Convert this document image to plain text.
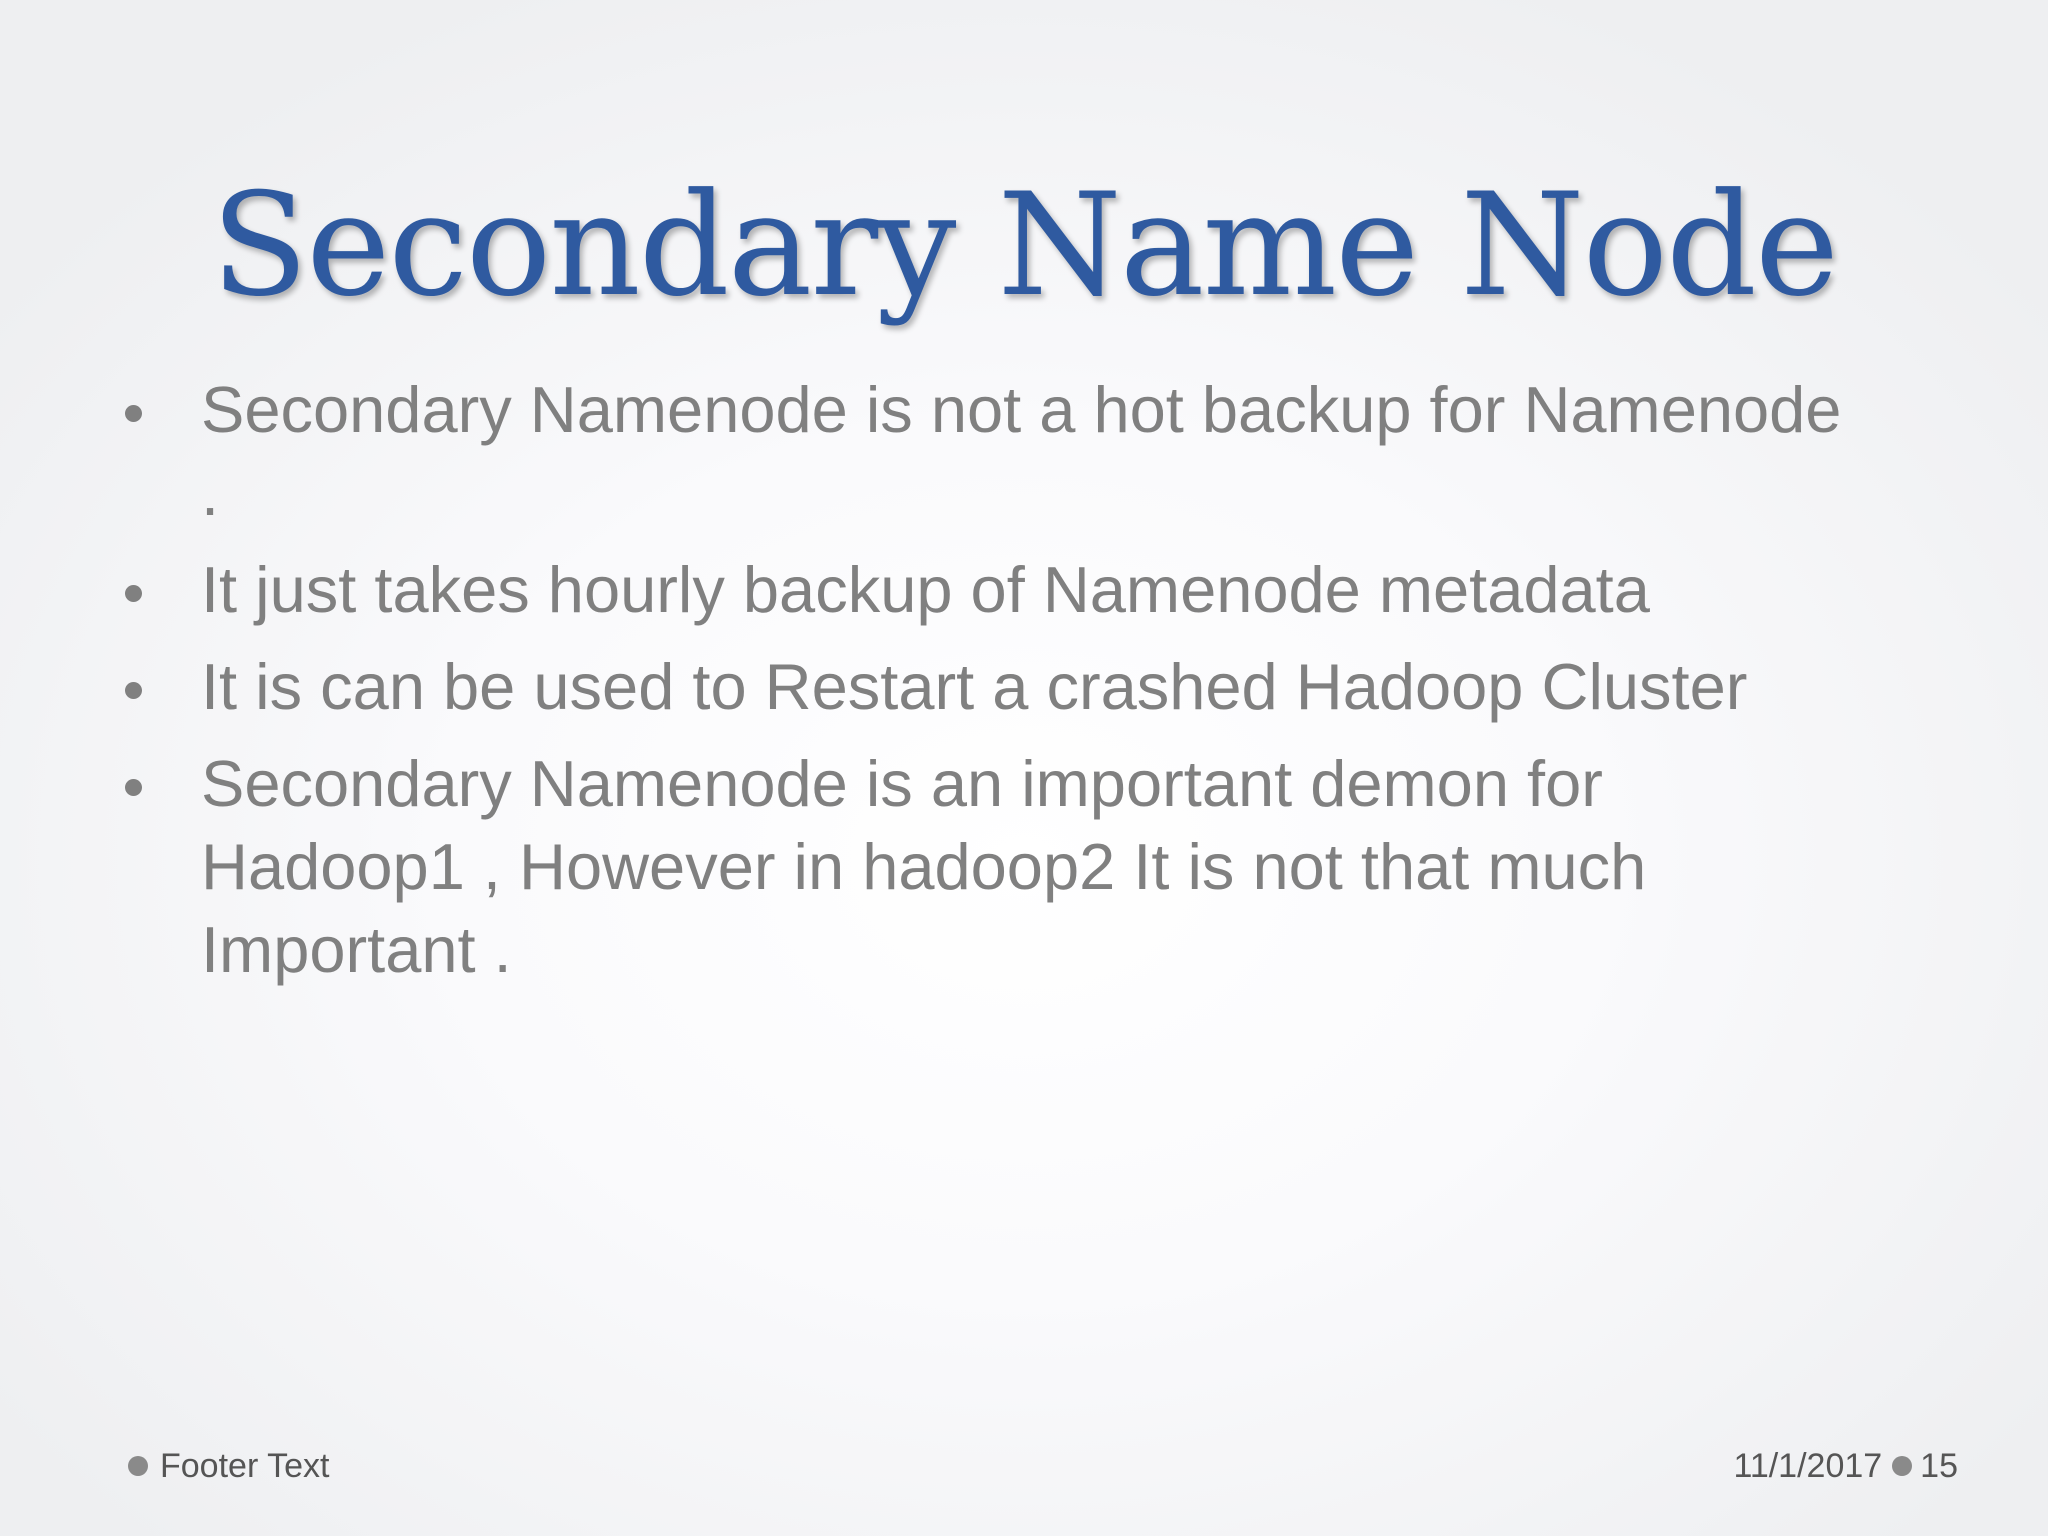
Secondary Name Node
Secondary Namenode is not a hot backup for Namenode
.
It just takes hourly backup of Namenode metadata
It is can be used to Restart a crashed Hadoop Cluster
Secondary Namenode is an important demon for
Hadoop1 , However in hadoop2 It is not that much
Important .
Footer Text	11/1/2017 15
